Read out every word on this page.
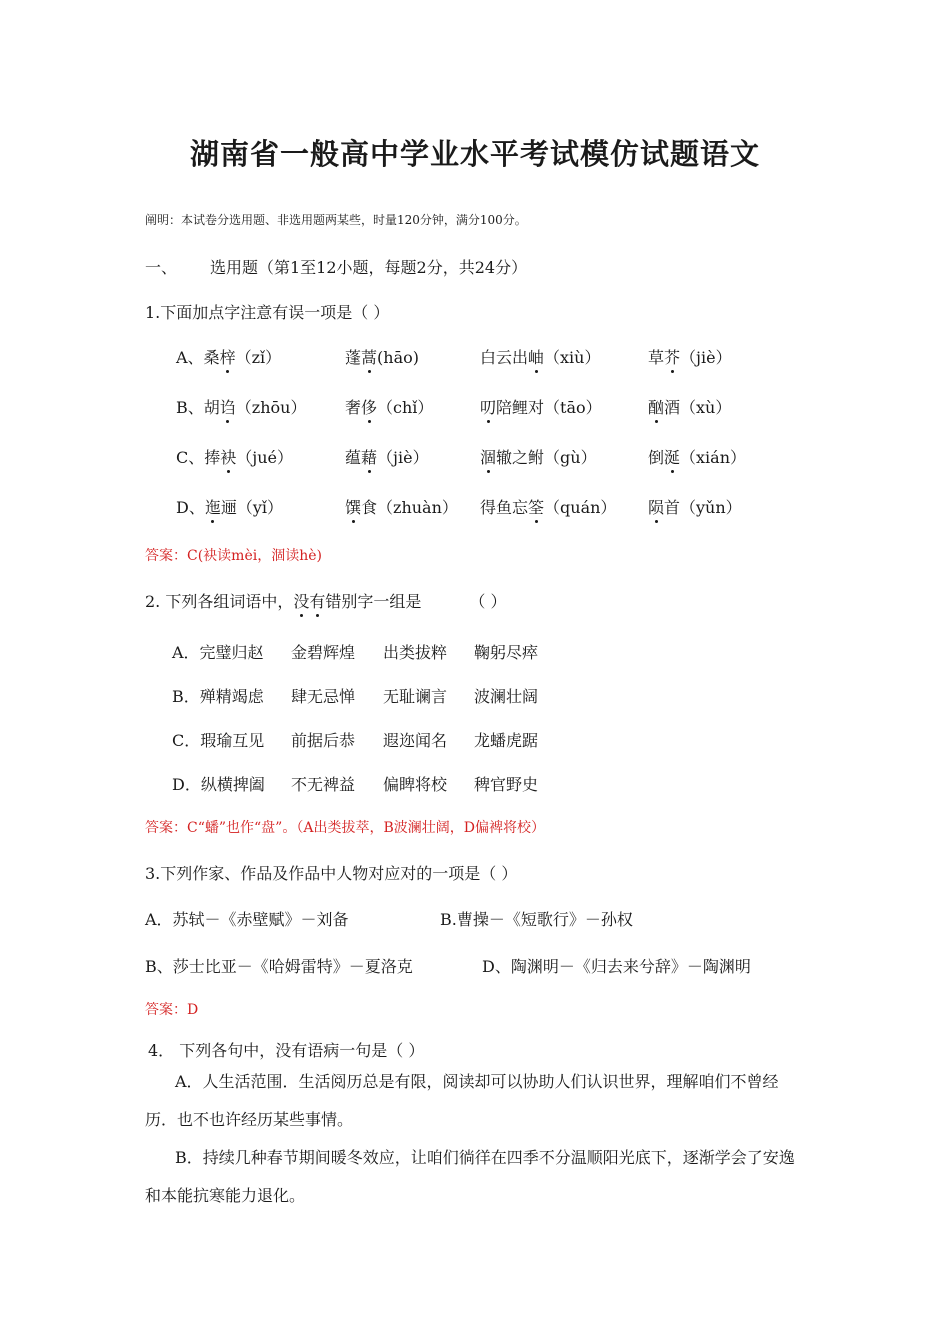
湖南省一般高中学业水平考试模仿试题语文
阐明：本试卷分选用题、非选用题两某些，时量120分钟，满分100分。
一、 选用题（第1至12小题，每题2分，共24分）
1.下面加点字注意有误一项是（ ）
A、桑梓（zǐ）	蓬蒿(hāo)	白云出岫（xiù）	草芥（jiè）
B、胡诌（zhōu） 奢侈（chǐ）	叨陪鲤对（tāo）	酗酒（xù）
C、捧袂（jué）	蕴藉（jiè）	涸辙之鲋（gù）	倒涎（xián）
D、迤逦（yǐ）	馔食（zhuàn） 得鱼忘筌（quán） 陨首（yǔn）
答案：C(袂读mèi，涸读hè)
2. 下列各组词语中，没有错别字一组是	（ ）
A．完璧归赵 金碧辉煌 出类拔粹 鞠躬尽瘁
B．殚精竭虑 肆无忌惮 无耻谰言 波澜壮阔
C．瑕瑜互见 前据后恭 遐迩闻名 龙蟠虎踞
D．纵横捭阖 不无裨益 偏睥将校 稗官野史
答案：C“蟠”也作“盘”。（A出类拔萃，B波澜壮阔，D偏裨将校）
3.下列作家、作品及作品中人物对应对的一项是（ ）
A．苏轼－《赤壁赋》－刘备	B.曹操－《短歌行》－孙权
B、莎士比亚－《哈姆雷特》－夏洛克	D、陶渊明－《归去来兮辞》－陶渊明
答案：D
4． 下列各句中，没有语病一句是（ ）
A．人生活范围．生活阅历总是有限，阅读却可以协助人们认识世界，理解咱们不曾经历．也不也许经历某些事情。
B．持续几种春节期间暖冬效应，让咱们徜徉在四季不分温顺阳光底下，逐渐学会了安逸和本能抗寒能力退化。
